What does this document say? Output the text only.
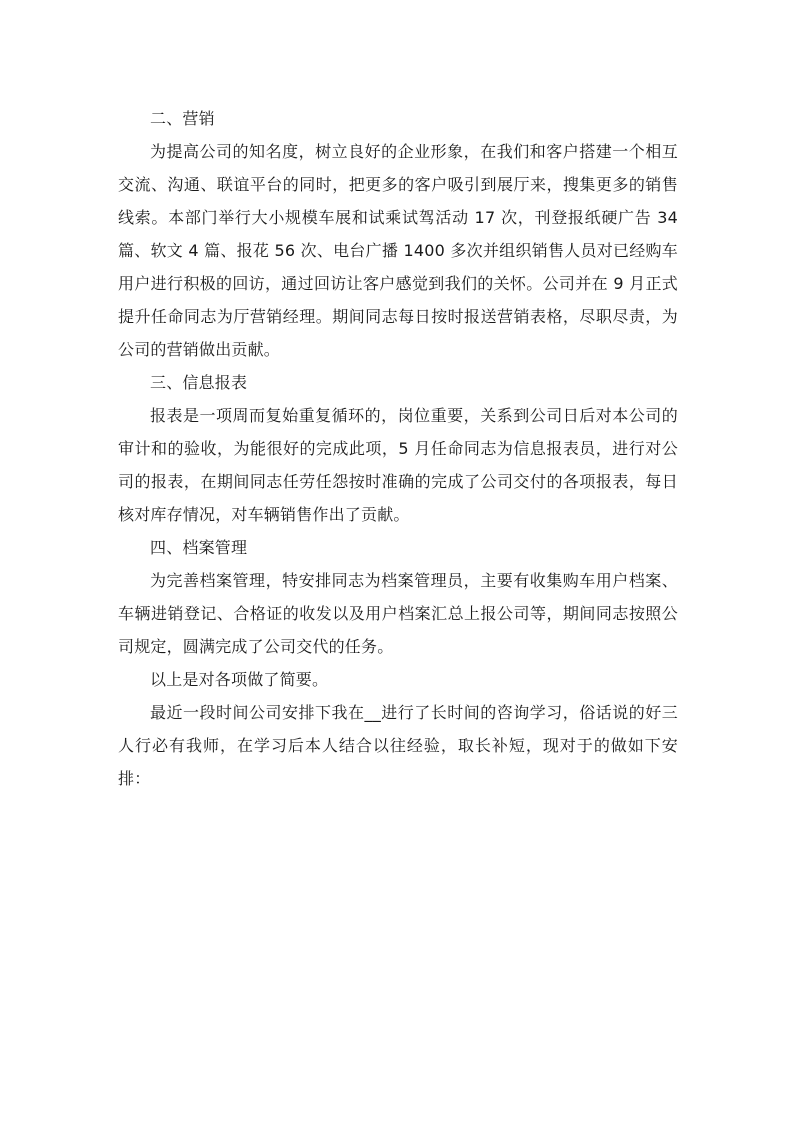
二、营销

为提高公司的知名度，树立良好的企业形象，在我们和客户搭建一个相互交流、沟通、联谊平台的同时，把更多的客户吸引到展厅来，搜集更多的销售线索。本部门举行大小规模车展和试乘试驾活动 17 次，刊登报纸硬广告 34 篇、软文 4 篇、报花 56 次、电台广播 1400 多次并组织销售人员对已经购车用户进行积极的回访，通过回访让客户感觉到我们的关怀。公司并在 9 月正式提升任命同志为厅营销经理。期间同志每日按时报送营销表格，尽职尽责，为公司的营销做出贡献。

三、信息报表

报表是一项周而复始重复循环的，岗位重要，关系到公司日后对本公司的审计和的验收，为能很好的完成此项，5 月任命同志为信息报表员，进行对公司的报表，在期间同志任劳任怨按时准确的完成了公司交付的各项报表，每日核对库存情况，对车辆销售作出了贡献。

四、档案管理

为完善档案管理，特安排同志为档案管理员，主要有收集购车用户档案、车辆进销登记、合格证的收发以及用户档案汇总上报公司等，期间同志按照公司规定，圆满完成了公司交代的任务。

以上是对各项做了简要。

最近一段时间公司安排下我在__进行了长时间的咨询学习，俗话说的好三人行必有我师，在学习后本人结合以往经验，取长补短，现对于的做如下安排：
